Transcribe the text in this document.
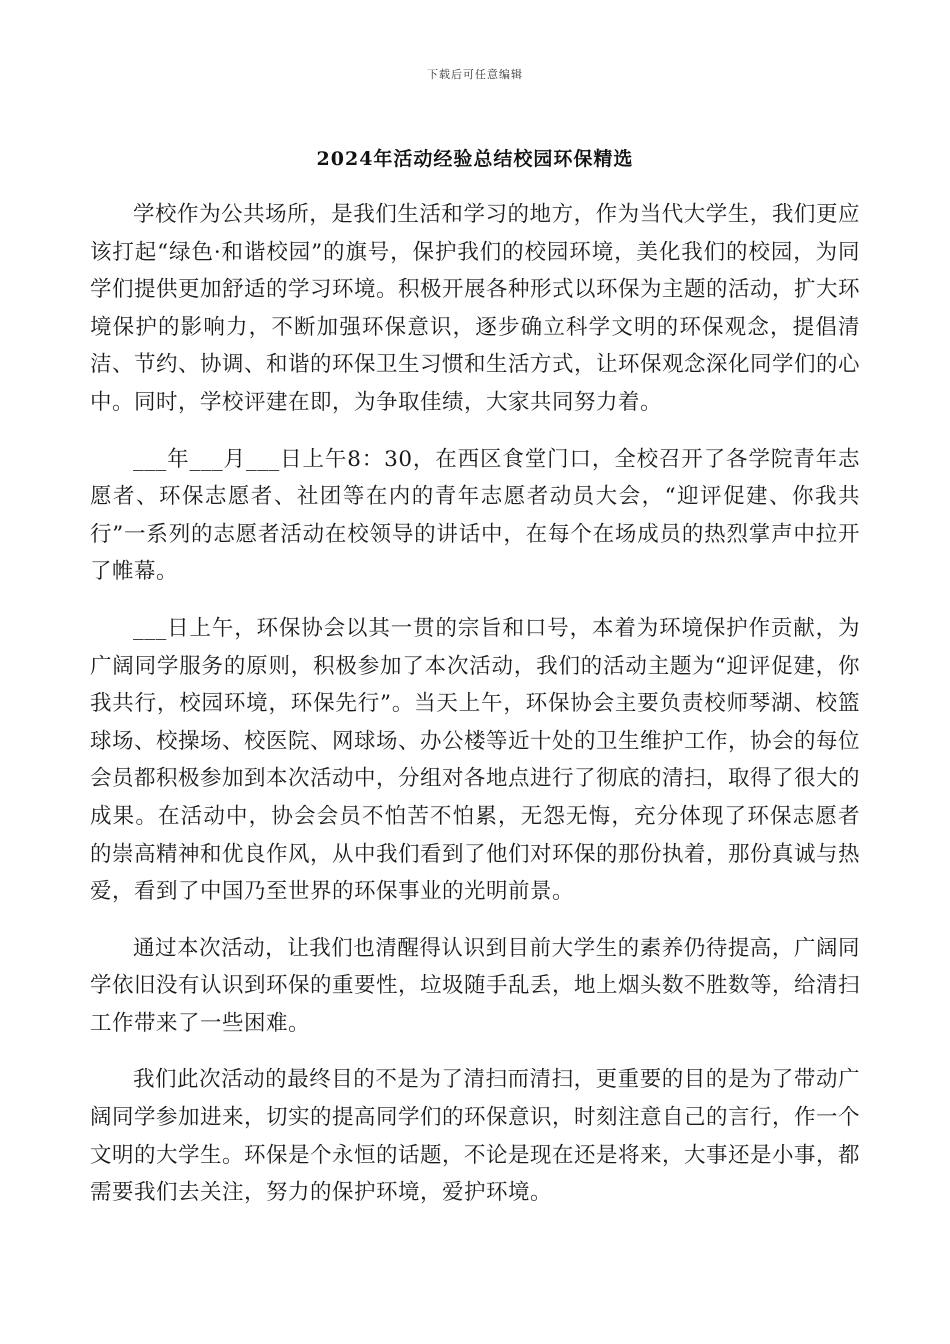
下载后可任意编辑
2024年活动经验总结校园环保精选

学校作为公共场所，是我们生活和学习的地方，作为当代大学生，我们更应该打起“绿色·和谐校园”的旗号，保护我们的校园环境，美化我们的校园，为同学们提供更加舒适的学习环境。积极开展各种形式以环保为主题的活动，扩大环境保护的影响力，不断加强环保意识，逐步确立科学文明的环保观念，提倡清洁、节约、协调、和谐的环保卫生习惯和生活方式，让环保观念深化同学们的心中。同时，学校评建在即，为争取佳绩，大家共同努力着。

___年___月___日上午8：30，在西区食堂门口，全校召开了各学院青年志愿者、环保志愿者、社团等在内的青年志愿者动员大会，“迎评促建、你我共行”一系列的志愿者活动在校领导的讲话中，在每个在场成员的热烈掌声中拉开了帷幕。

___日上午，环保协会以其一贯的宗旨和口号，本着为环境保护作贡献，为广阔同学服务的原则，积极参加了本次活动，我们的活动主题为“迎评促建，你我共行，校园环境，环保先行”。当天上午，环保协会主要负责校师琴湖、校篮球场、校操场、校医院、网球场、办公楼等近十处的卫生维护工作，协会的每位会员都积极参加到本次活动中，分组对各地点进行了彻底的清扫，取得了很大的成果。在活动中，协会会员不怕苦不怕累，无怨无悔，充分体现了环保志愿者 的崇高精神和优良作风，从中我们看到了他们对环保的那份执着，那份真诚与热爱，看到了中国乃至世界的环保事业的光明前景。

通过本次活动，让我们也清醒得认识到目前大学生的素养仍待提高，广阔同学依旧没有认识到环保的重要性，垃圾随手乱丢，地上烟头数不胜数等，给清扫工作带来了一些困难。

我们此次活动的最终目的不是为了清扫而清扫，更重要的目的是为了带动广阔同学参加进来，切实的提高同学们的环保意识，时刻注意自己的言行，作一个文明的大学生。环保是个永恒的话题，不论是现在还是将来，大事还是小事，都需要我们去关注，努力的保护环境，爱护环境。
